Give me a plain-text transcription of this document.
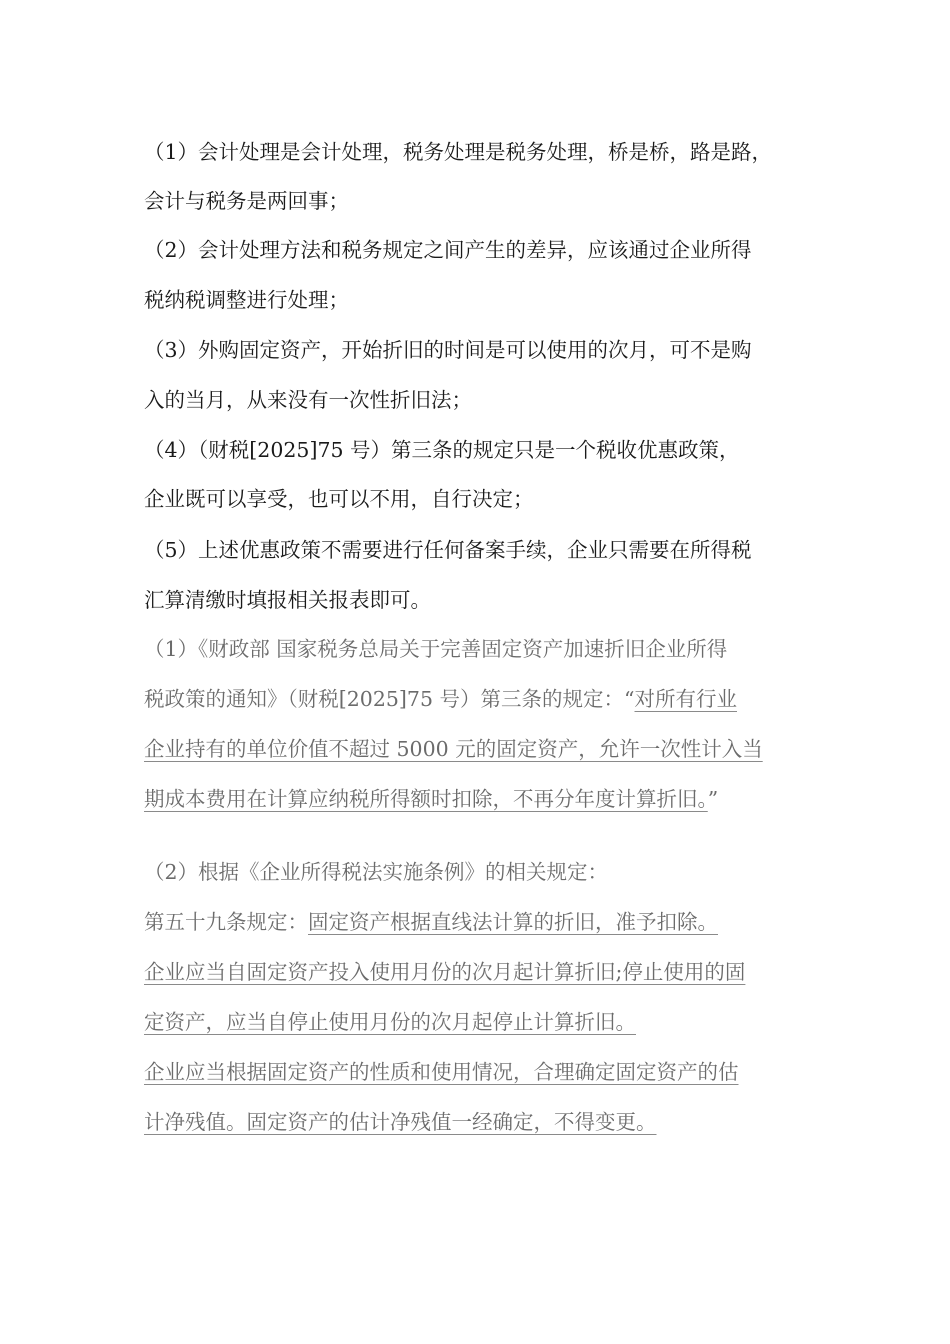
（1）会计处理是会计处理，税务处理是税务处理，桥是桥，路是路，
会计与税务是两回事；
（2）会计处理方法和税务规定之间产生的差异，应该通过企业所得
税纳税调整进行处理；
（3）外购固定资产，开始折旧的时间是可以使用的次月，可不是购
入的当月，从来没有一次性折旧法；
（4）（财税[2025]75 号）第三条的规定只是一个税收优惠政策，
企业既可以享受，也可以不用，自行决定；
（5）上述优惠政策不需要进行任何备案手续，企业只需要在所得税
汇算清缴时填报相关报表即可。
（1）《财政部 国家税务总局关于完善固定资产加速折旧企业所得
税政策的通知》（财税[2025]75 号）第三条的规定：“对所有行业
企业持有的单位价值不超过 5000 元的固定资产，允许一次性计入当
期成本费用在计算应纳税所得额时扣除，不再分年度计算折旧。”
（2）根据《企业所得税法实施条例》的相关规定：
第五十九条规定：固定资产根据直线法计算的折旧，准予扣除。
企业应当自固定资产投入使用月份的次月起计算折旧;停止使用的固
定资产，应当自停止使用月份的次月起停止计算折旧。
企业应当根据固定资产的性质和使用情况，合理确定固定资产的估
计净残值。固定资产的估计净残值一经确定，不得变更。
